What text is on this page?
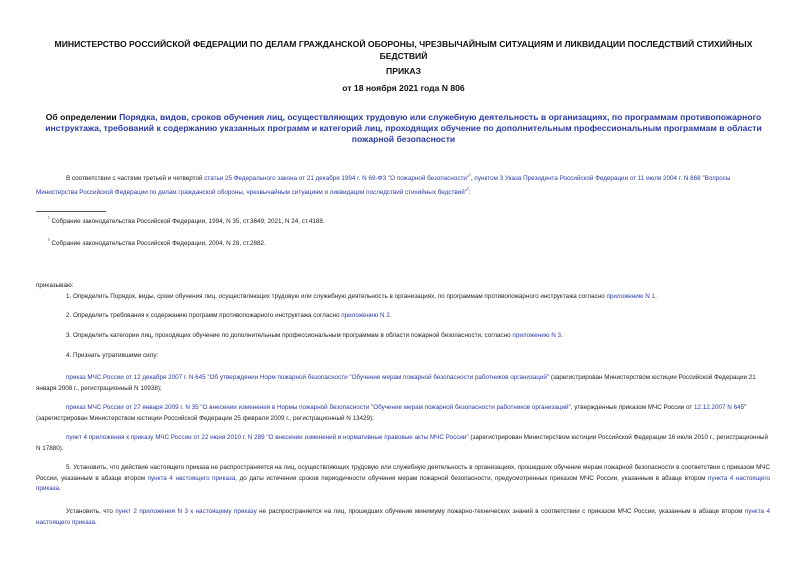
МИНИСТЕРСТВО РОССИЙСКОЙ ФЕДЕРАЦИИ ПО ДЕЛАМ ГРАЖДАНСКОЙ ОБОРОНЫ, ЧРЕЗВЫЧАЙНЫМ СИТУАЦИЯМ И ЛИКВИДАЦИИ ПОСЛЕДСТВИЙ СТИХИЙНЫХ БЕДСТВИЙ
ПРИКАЗ
от 18 ноября 2021 года N 806
Об определении Порядка, видов, сроков обучения лиц, осуществляющих трудовую или служебную деятельность в организациях, по программам противопожарного инструктажа, требований к содержанию указанных программ и категорий лиц, проходящих обучение по дополнительным профессиональным программам в области пожарной безопасности
В соответствии с частями третьей и четвертой статьи 25 Федерального закона от 21 декабря 1994 г. N 69-ФЗ "О пожарной безопасности"$^{^1}$, пунктом 3 Указа Президента Российской Федерации от 11 июля 2004 г. N 868 "Вопросы Министерства Российской Федерации по делам гражданской обороны, чрезвычайным ситуациям и ликвидации последствий стихийных бедствий"$^{^2}$:
$^{^1}$ Собрание законодательства Российской Федерации, 1994, N 35, ст.3649; 2021, N 24, ст.4188.
$^{^2}$ Собрание законодательства Российской Федерации, 2004, N 28, ст.2882.
приказываю:
1. Определить Порядок, виды, сроки обучения лиц, осуществляющих трудовую или служебную деятельность в организациях, по программам противопожарного инструктажа согласно приложению N 1.
2. Определить требования к содержанию программ противопожарного инструктажа согласно приложению N 2.
3. Определить категории лиц, проходящих обучение по дополнительным профессиональным программам в области пожарной безопасности, согласно приложению N 3.
4. Признать утратившими силу:
приказ МЧС России от 12 декабря 2007 г. N 645 "Об утверждении Норм пожарной безопасности "Обучение мерам пожарной безопасности работников организаций" (зарегистрирован Министерством юстиции Российской Федерации 21 января 2008 г., регистрационный N 10938);
приказ МЧС России от 27 января 2009 г. N 35 "О внесении изменения в Нормы пожарной безопасности "Обучение мерам пожарной безопасности работников организаций", утвержденные приказом МЧС России от 12.12.2007 N 645" (зарегистрирован Министерством юстиции Российской Федерации 25 февраля 2009 г., регистрационный N 13429);
пункт 4 приложения к приказу МЧС России от 22 июня 2010 г. N 289 "О внесении изменений в нормативные правовые акты МЧС России" (зарегистрирован Министерством юстиции Российской Федерации 16 июля 2010 г., регистрационный N 17880).
5. Установить, что действие настоящего приказа не распространяется на лиц, осуществляющих трудовую или служебную деятельность в организациях, прошедших обучение мерам пожарной безопасности в соответствии с приказом МЧС России, указанным в абзаце втором пункта 4 настоящего приказа, до даты истечения сроков периодичности обучения мерам пожарной безопасности, предусмотренных приказом МЧС России, указанным в абзаце втором пункта 4 настоящего приказа.
Установить, что пункт 2 приложения N 3 к настоящему приказу не распространяется на лиц, прошедших обучение минимуму пожарно-технических знаний в соответствии с приказом МЧС России, указанным в абзаце втором пункта 4 настоящего приказа.
